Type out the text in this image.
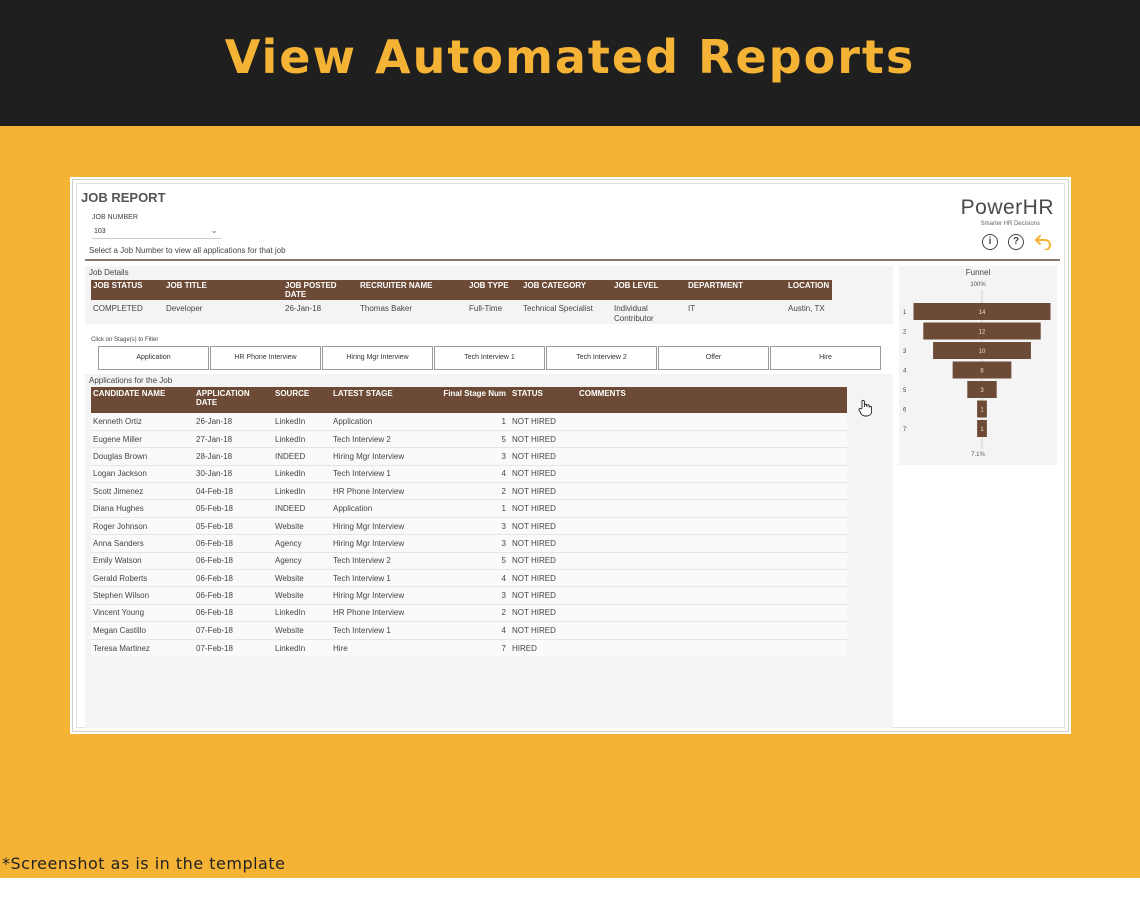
View Automated Reports
*Screenshot as is in the template
JOB REPORT
JOB NUMBER
103	⌄
Select a Job Number to view all applications for that job
PowerHR
Smarter HR Decisions
i	?
Job Details
JOB STATUS	JOB TITLE	JOB POSTED DATE	RECRUITER NAME	JOB TYPE	JOB CATEGORY	JOB LEVEL	DEPARTMENT	LOCATION
COMPLETED	Developer	26-Jan-18	Thomas Baker	Full-Time	Technical Specialist	Individual Contributor	IT	Austin, TX
Click on Stage(s) to Filter
Application	HR Phone Interview	Hiring Mgr Interview	Tech Interview 1	Tech Interview 2	Offer	Hire
Applications for the Job
CANDIDATE NAME	APPLICATION DATE	SOURCE	LATEST STAGE	Final Stage Num	STATUS	COMMENTS
Kenneth Ortiz	26-Jan-18	LinkedIn	Application	1	NOT HIRED	
Eugene Miller	27-Jan-18	LinkedIn	Tech Interview 2	5	NOT HIRED	
Douglas Brown	28-Jan-18	INDEED	Hiring Mgr Interview	3	NOT HIRED	
Logan Jackson	30-Jan-18	LinkedIn	Tech Interview 1	4	NOT HIRED	
Scott Jimenez	04-Feb-18	LinkedIn	HR Phone Interview	2	NOT HIRED	
Diana Hughes	05-Feb-18	INDEED	Application	1	NOT HIRED	
Roger Johnson	05-Feb-18	Website	Hiring Mgr Interview	3	NOT HIRED	
Anna Sanders	06-Feb-18	Agency	Hiring Mgr Interview	3	NOT HIRED	
Emily Watson	06-Feb-18	Agency	Tech Interview 2	5	NOT HIRED	
Gerald Roberts	06-Feb-18	Website	Tech Interview 1	4	NOT HIRED	
Stephen Wilson	06-Feb-18	Website	Hiring Mgr Interview	3	NOT HIRED	
Vincent Young	06-Feb-18	LinkedIn	HR Phone Interview	2	NOT HIRED	
Megan Castillo	07-Feb-18	Website	Tech Interview 1	4	NOT HIRED	
Teresa Martinez	07-Feb-18	LinkedIn	Hire	7	HIRED	
Funnel
100%
14
1
12
2
10
3
6
4
3
5
1
6
1
7
7.1%
